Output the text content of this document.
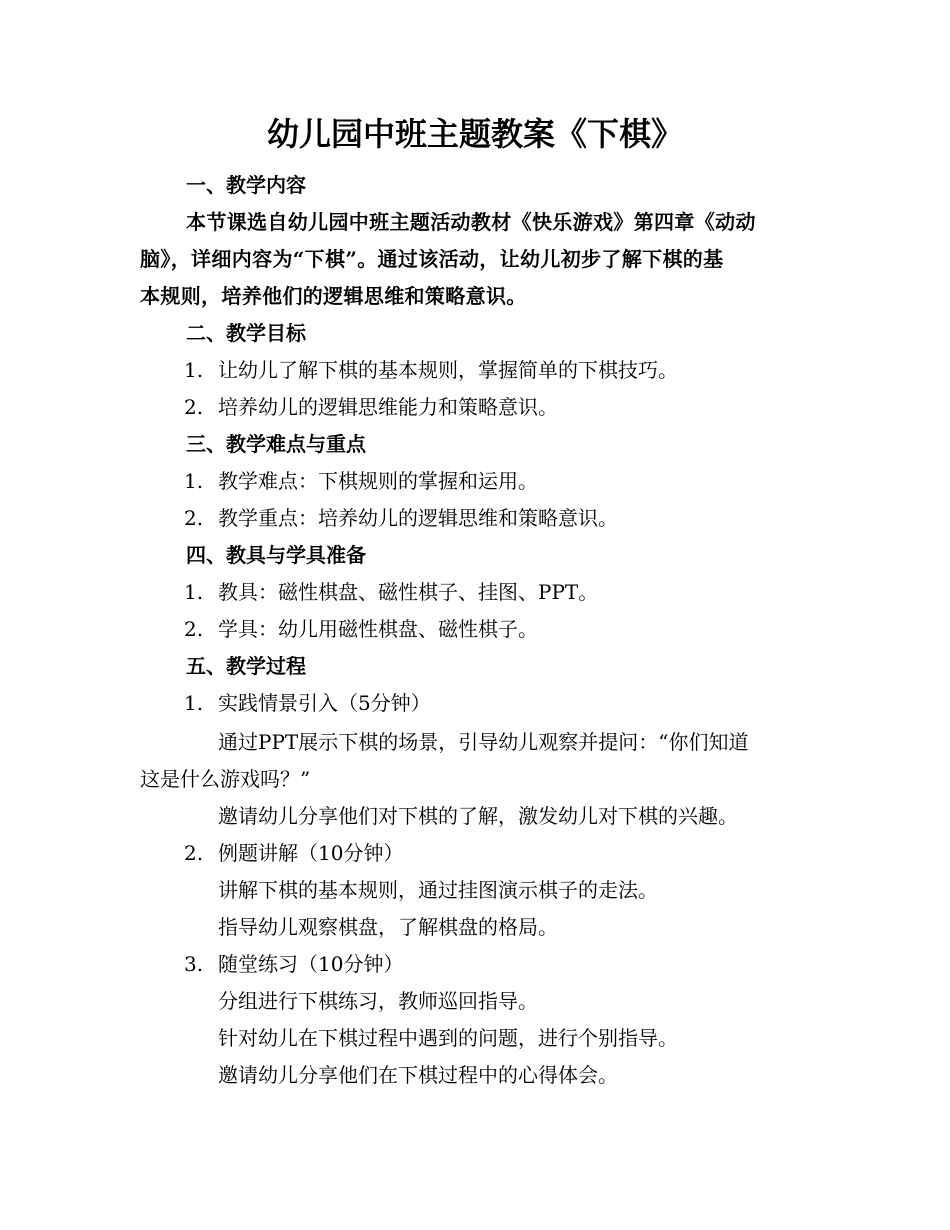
幼儿园中班主题教案《下棋》
一、教学内容
本节课选自幼儿园中班主题活动教材《快乐游戏》第四章《动动
脑》，详细内容为“下棋”。通过该活动，让幼儿初步了解下棋的基
本规则，培养他们的逻辑思维和策略意识。
二、教学目标
1. 让幼儿了解下棋的基本规则，掌握简单的下棋技巧。
2. 培养幼儿的逻辑思维能力和策略意识。
三、教学难点与重点
1. 教学难点：下棋规则的掌握和运用。
2. 教学重点：培养幼儿的逻辑思维和策略意识。
四、教具与学具准备
1. 教具：磁性棋盘、磁性棋子、挂图、PPT。
2. 学具：幼儿用磁性棋盘、磁性棋子。
五、教学过程
1. 实践情景引入（5分钟）
通过PPT展示下棋的场景，引导幼儿观察并提问：“你们知道
这是什么游戏吗？”
邀请幼儿分享他们对下棋的了解，激发幼儿对下棋的兴趣。
2. 例题讲解（10分钟）
讲解下棋的基本规则，通过挂图演示棋子的走法。
指导幼儿观察棋盘，了解棋盘的格局。
3. 随堂练习（10分钟）
分组进行下棋练习，教师巡回指导。
针对幼儿在下棋过程中遇到的问题，进行个别指导。
邀请幼儿分享他们在下棋过程中的心得体会。
